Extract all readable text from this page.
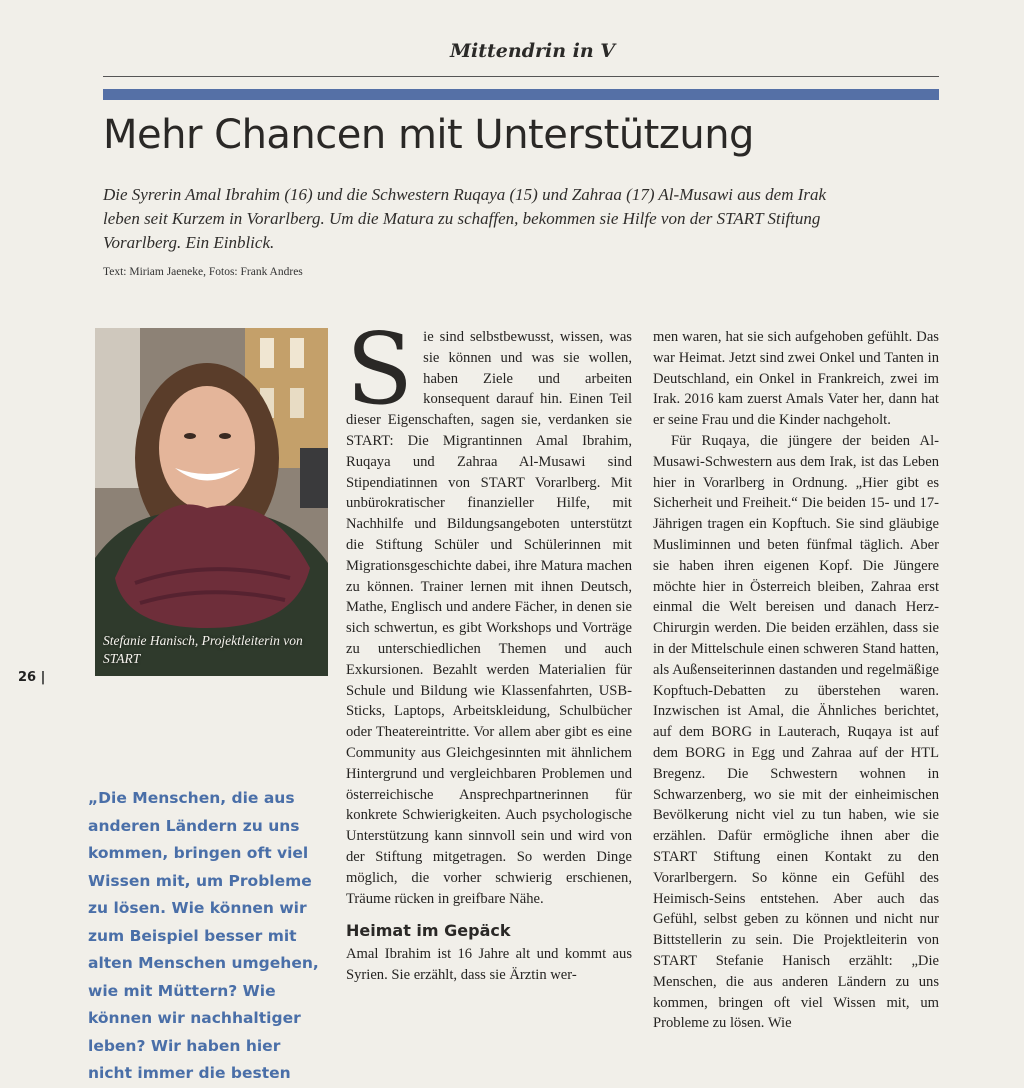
Mittendrin in V
Mehr Chancen mit Unterstützung
Die Syrerin Amal Ibrahim (16) und die Schwestern Ruqaya (15) und Zahraa (17) Al-Musawi aus dem Irak leben seit Kurzem in Vorarlberg. Um die Matura zu schaffen, bekommen sie Hilfe von der START Stiftung Vorarlberg. Ein Einblick.
Text: Miriam Jaeneke, Fotos: Frank Andres
Stefanie Hanisch, Projektleiterin von START
26 |
„Die Menschen, die aus anderen Ländern zu uns kommen, bringen oft viel Wissen mit, um Probleme zu lösen. Wie können wir zum Beispiel besser mit alten Menschen umgehen, wie mit Müttern? Wie können wir nachhaltiger leben? Wir haben hier nicht immer die besten
S ie sind selbstbewusst, wissen, was sie können und was sie wollen, haben Ziele und arbeiten konsequent darauf hin. Einen Teil dieser Eigenschaften, sagen sie, verdanken sie START: Die Migrantinnen Amal Ibrahim, Ruqaya und Zahraa Al-Musawi sind Stipendiatinnen von START Vorarlberg. Mit unbürokratischer finanzieller Hilfe, mit Nachhilfe und Bildungsangeboten unterstützt die Stiftung Schüler und Schülerinnen mit Migrationsgeschichte dabei, ihre Matura machen zu können. Trainer lernen mit ihnen Deutsch, Mathe, Englisch und andere Fächer, in denen sie sich schwertun, es gibt Workshops und Vorträge zu unterschiedlichen Themen und auch Exkursionen. Bezahlt werden Materialien für Schule und Bildung wie Klassenfahrten, USB-Sticks, Laptops, Arbeitskleidung, Schulbücher oder Theatereintritte. Vor allem aber gibt es eine Community aus Gleichgesinnten mit ähnlichem Hintergrund und vergleichbaren Problemen und österreichische Ansprechpartnerinnen für konkrete Schwierigkeiten. Auch psychologische Unterstützung kann sinnvoll sein und wird von der Stiftung mitgetragen. So werden Dinge möglich, die vorher schwierig erschienen, Träume rücken in greifbare Nähe.

Heimat im Gepäck

Amal Ibrahim ist 16 Jahre alt und kommt aus Syrien. Sie erzählt, dass sie Ärztin wer-

men waren, hat sie sich aufgehoben gefühlt. Das war Heimat. Jetzt sind zwei Onkel und Tanten in Deutschland, ein Onkel in Frankreich, zwei im Irak. 2016 kam zuerst Amals Vater her, dann hat er seine Frau und die Kinder nachgeholt.

Für Ruqaya, die jüngere der beiden Al-Musawi-Schwestern aus dem Irak, ist das Leben hier in Vorarlberg in Ordnung. „Hier gibt es Sicherheit und Freiheit.“ Die beiden 15- und 17-Jährigen tragen ein Kopftuch. Sie sind gläubige Musliminnen und beten fünfmal täglich. Aber sie haben ihren eigenen Kopf. Die Jüngere möchte hier in Österreich bleiben, Zahraa erst einmal die Welt bereisen und danach Herz-Chirurgin werden. Die beiden erzählen, dass sie in der Mittelschule einen schweren Stand hatten, als Außenseiterinnen dastanden und regelmäßige Kopftuch-Debatten zu überstehen waren. Inzwischen ist Amal, die Ähnliches berichtet, auf dem BORG in Lauterach, Ruqaya ist auf dem BORG in Egg und Zahraa auf der HTL Bregenz. Die Schwestern wohnen in Schwarzenberg, wo sie mit der einheimischen Bevölkerung nicht viel zu tun haben, wie sie erzählen. Dafür ermögliche ihnen aber die START Stiftung einen Kontakt zu den Vorarlbergern. So könne ein Gefühl des Heimisch-Seins entstehen. Aber auch das Gefühl, selbst geben zu können und nicht nur Bittstellerin zu sein. Die Projektleiterin von START Stefanie Hanisch erzählt: „Die Menschen, die aus anderen Ländern zu uns kommen, bringen oft viel Wissen mit, um Probleme zu lösen. Wie
